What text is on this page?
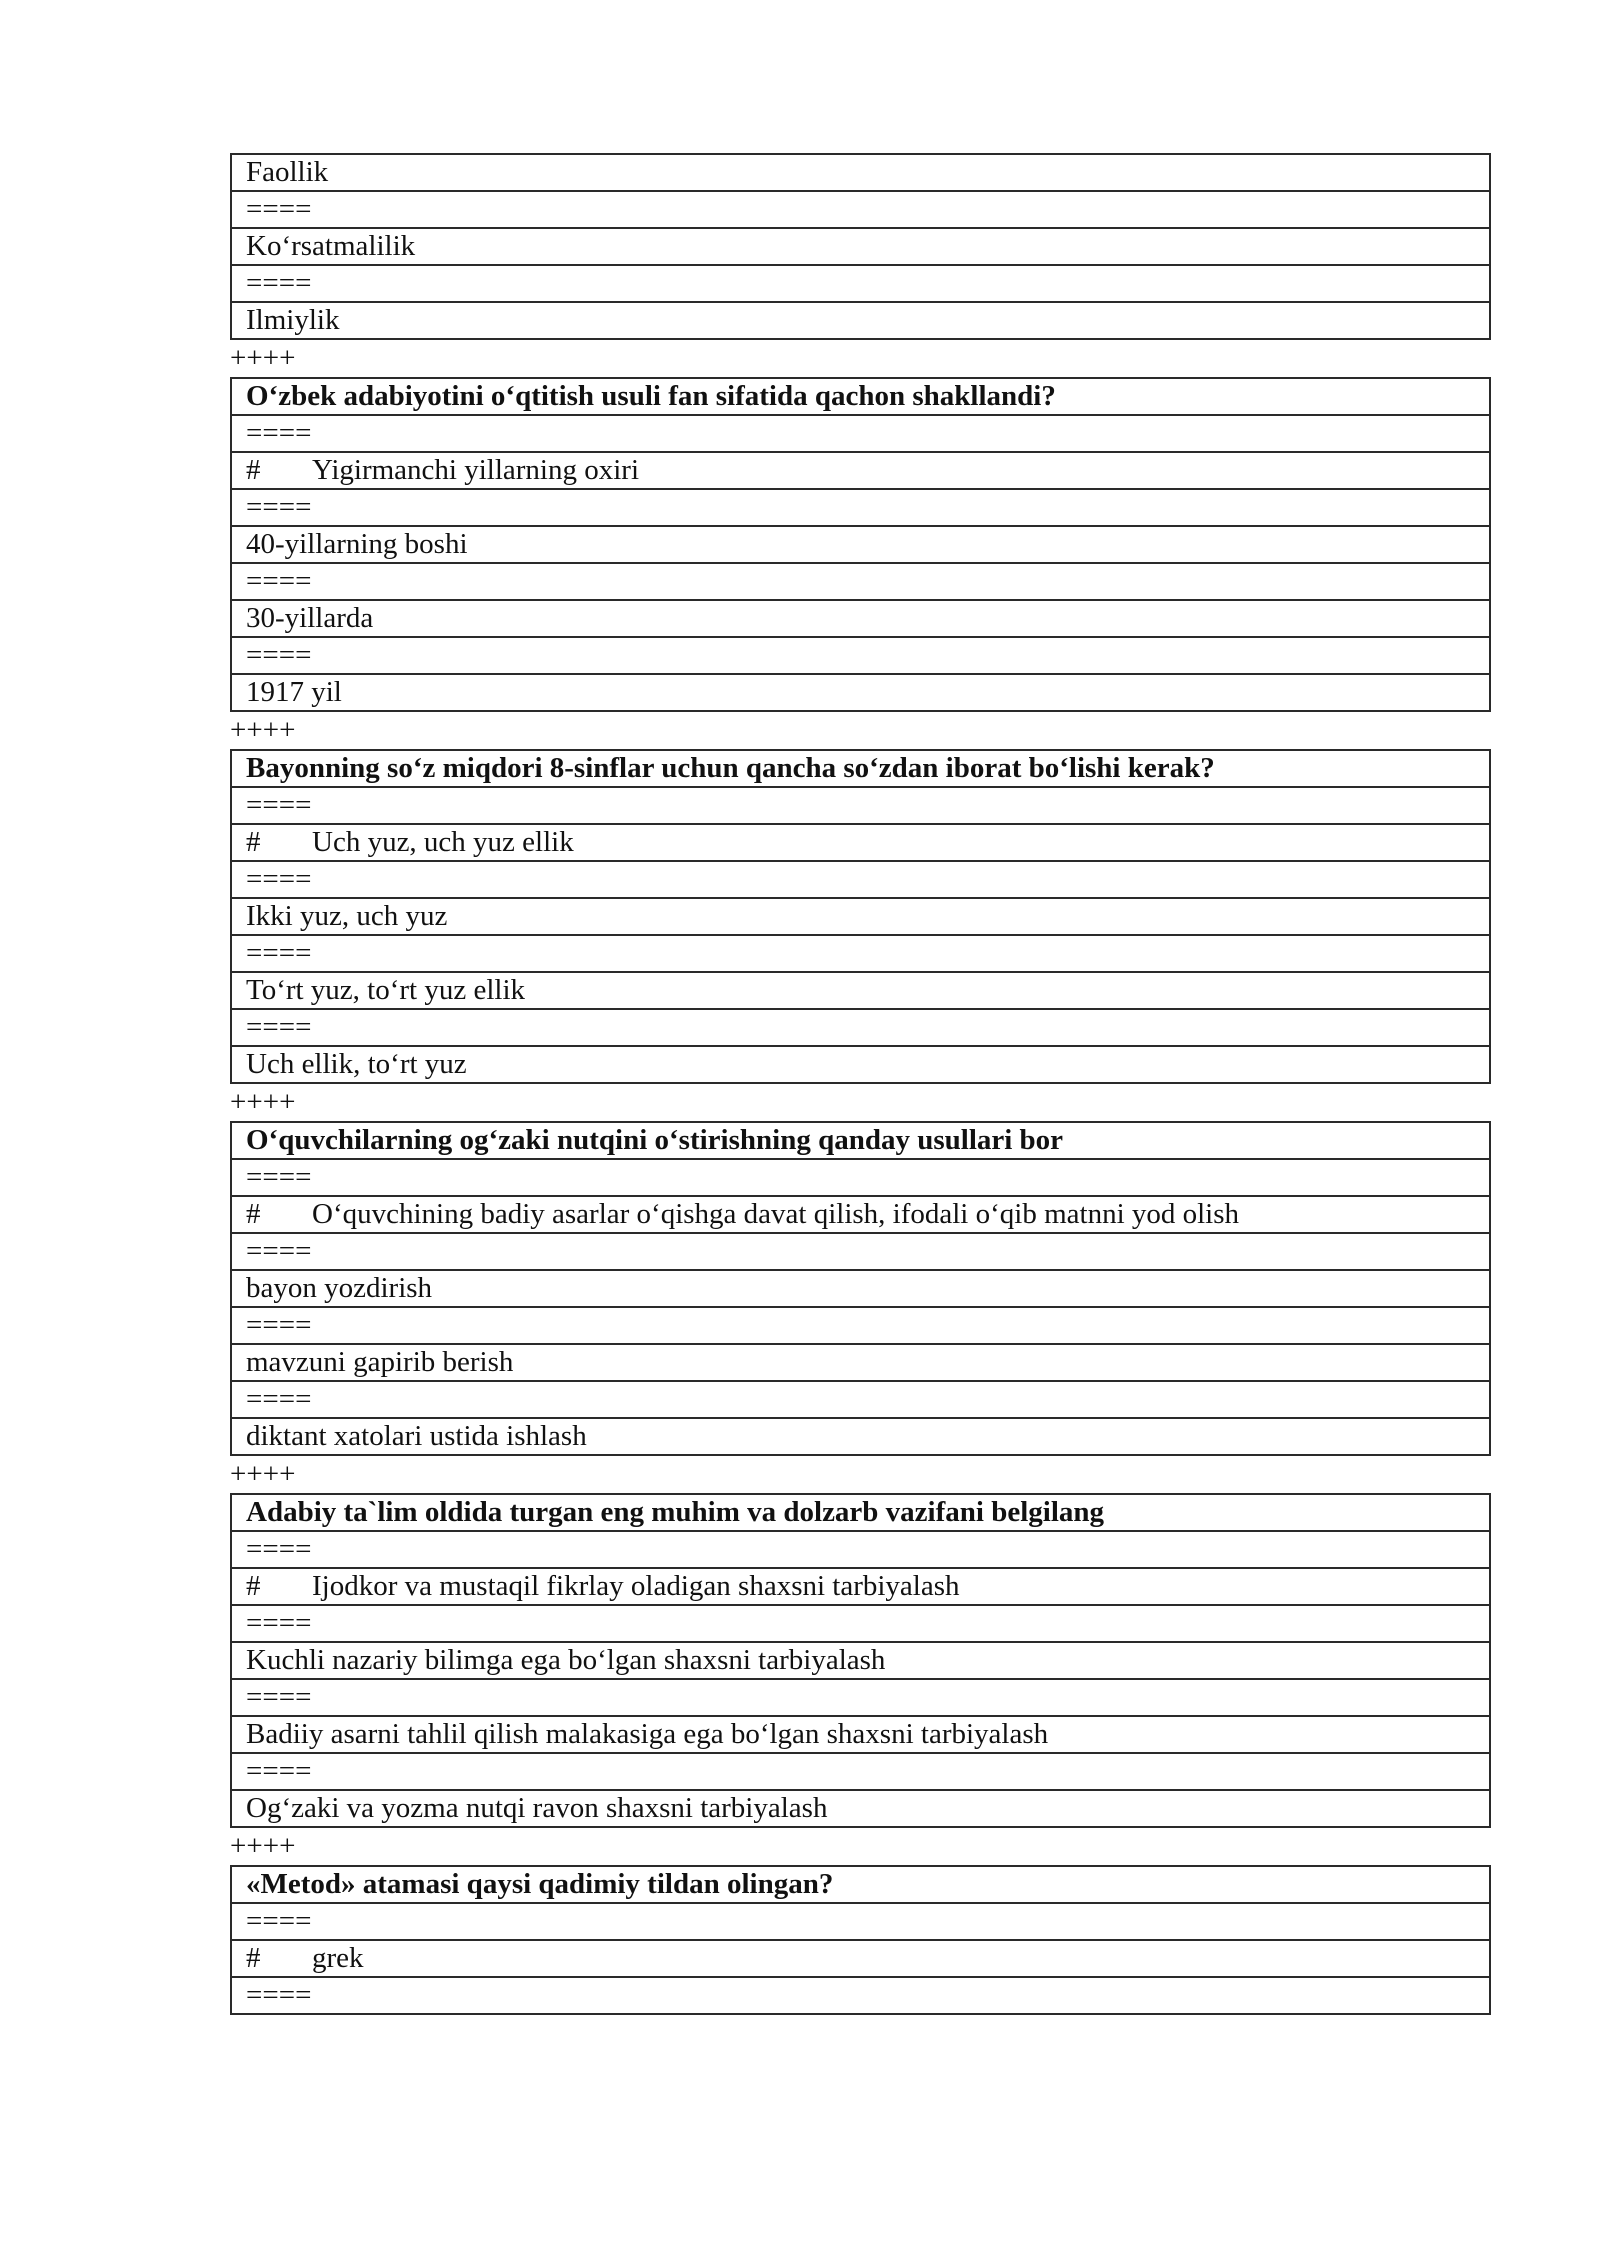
Faollik
====
Ko‘rsatmalilik
====
Ilmiylik
++++
O‘zbek adabiyotini o‘qtitish usuli fan sifatida qachon shakllandi?
====
# Yigirmanchi yillarning oxiri
====
40-yillarning boshi
====
30-yillarda
====
1917 yil
++++
Bayonning so‘z miqdori 8-sinflar uchun qancha so‘zdan iborat bo‘lishi kerak?
====
# Uch yuz, uch yuz ellik
====
Ikki yuz, uch yuz
====
To‘rt yuz, to‘rt yuz ellik
====
Uch ellik, to‘rt yuz
++++
O‘quvchilarning og‘zaki nutqini o‘stirishning qanday usullari bor
====
# O‘quvchining badiy asarlar o‘qishga davat qilish, ifodali o‘qib matnni yod olish
====
bayon yozdirish
====
mavzuni gapirib berish
====
diktant xatolari ustida ishlash
++++
Adabiy ta`lim oldida turgan eng muhim va dolzarb vazifani belgilang
====
# Ijodkor va mustaqil fikrlay oladigan shaxsni tarbiyalash
====
Kuchli nazariy bilimga ega bo‘lgan shaxsni tarbiyalash
====
Badiiy asarni tahlil qilish malakasiga ega bo‘lgan shaxsni tarbiyalash
====
Og‘zaki va yozma nutqi ravon shaxsni tarbiyalash
++++
«Metod» atamasi qaysi qadimiy tildan olingan?
====
# grek
====
